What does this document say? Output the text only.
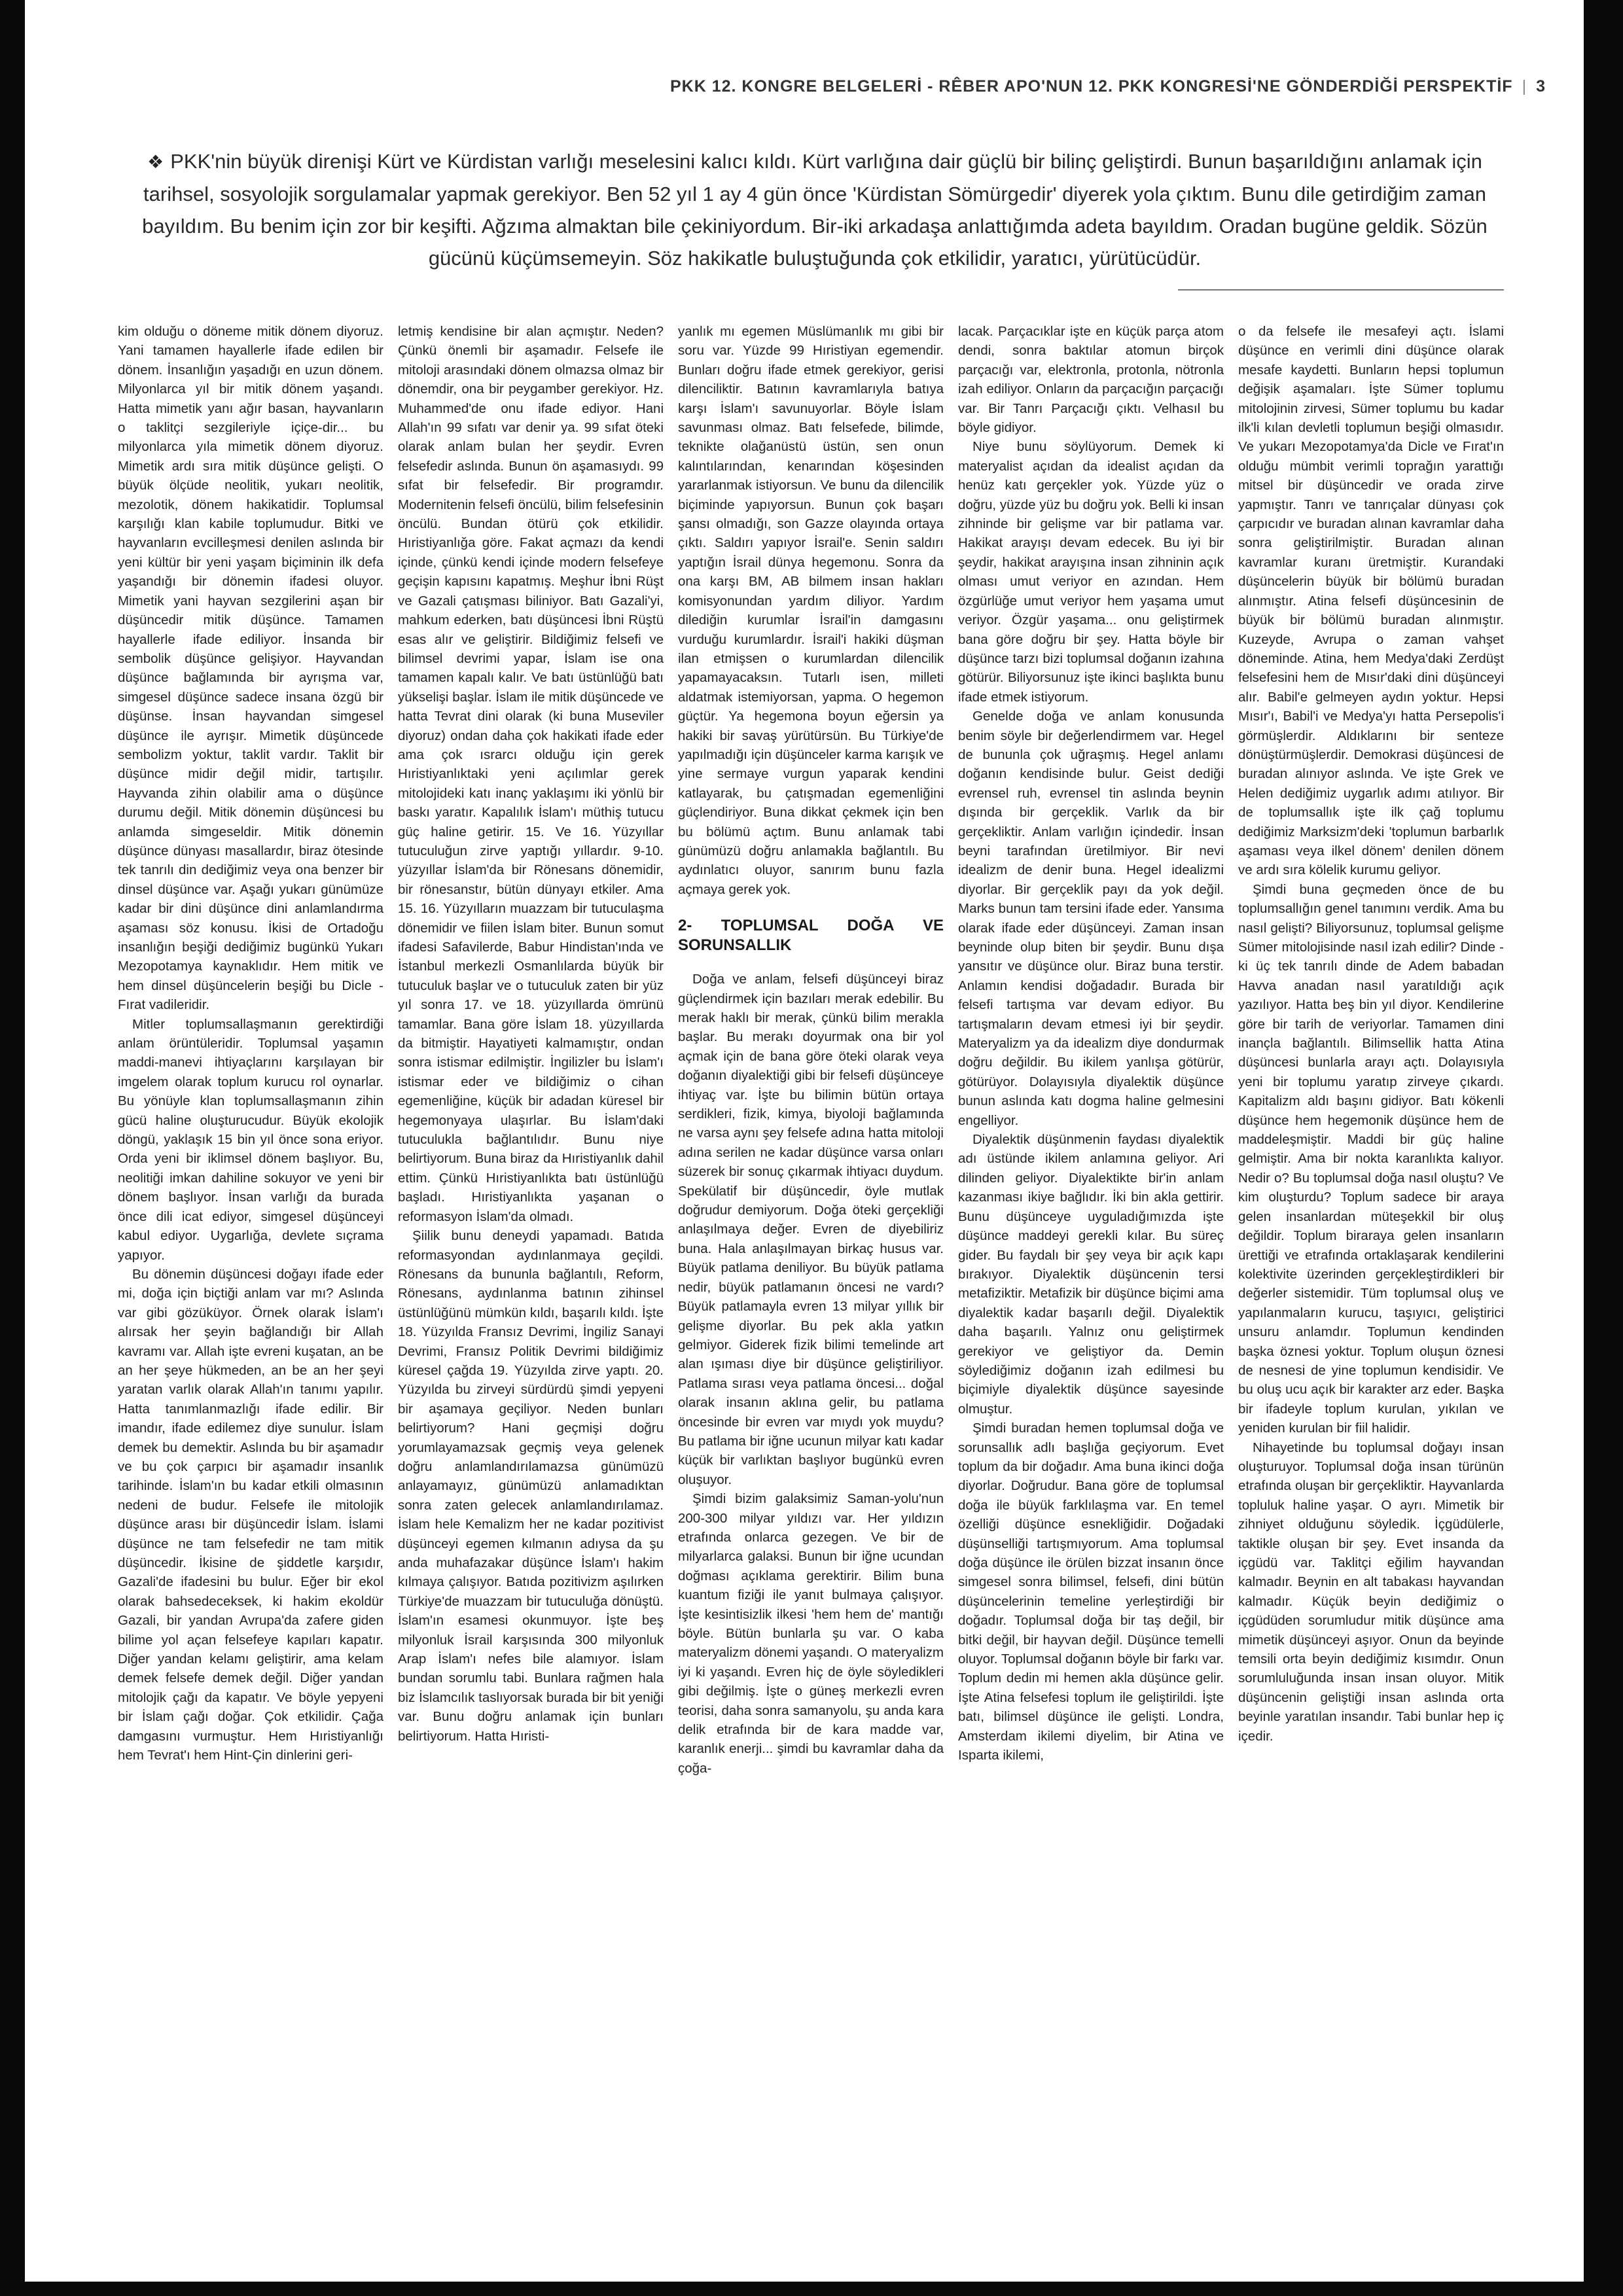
PKK 12. KONGRE BELGELERİ - RÊBER APO'NUN 12. PKK KONGRESİ'NE GÖNDERDİĞİ PERSPEKTİF | 3
❖ PKK'nin büyük direnişi Kürt ve Kürdistan varlığı meselesini kalıcı kıldı. Kürt varlığına dair güçlü bir bilinç geliştirdi. Bunun başarıldığını anlamak için tarihsel, sosyolojik sorgulamalar yapmak gerekiyor. Ben 52 yıl 1 ay 4 gün önce 'Kürdistan Sömürgedir' diyerek yola çıktım. Bunu dile getirdiğim zaman bayıldım. Bu benim için zor bir keşifti. Ağzıma almaktan bile çekiniyordum. Bir-iki arkadaşa anlattığımda adeta bayıldım. Oradan bugüne geldik. Sözün gücünü küçümsemeyin. Söz hakikatle buluştuğunda çok etkilidir, yaratıcı, yürütücüdür.

kim olduğu o döneme mitik dönem diyoruz. Yani tamamen hayallerle ifade edilen bir dönem. İnsanlığın yaşadığı en uzun dönem. Milyonlarca yıl bir mitik dönem yaşandı. Hatta mimetik yanı ağır basan, hayvanların o taklitçi sezgileriyle içiçe-dir... bu milyonlarca yıla mimetik dönem diyoruz. Mimetik ardı sıra mitik düşünce gelişti. O büyük ölçüde neolitik, yukarı neolitik, mezolotik, dönem hakikatidir. Toplumsal karşılığı klan kabile toplumudur. Bitki ve hayvanların evcilleşmesi denilen aslında bir yeni kültür bir yeni yaşam biçiminin ilk defa yaşandığı bir dönemin ifadesi oluyor. Mimetik yani hayvan sezgilerini aşan bir düşüncedir mitik düşünce. Tamamen hayallerle ifade ediliyor. İnsanda bir sembolik düşünce gelişiyor. Hayvandan düşünce bağlamında bir ayrışma var, simgesel düşünce sadece insana özgü bir düşünse. İnsan hayvandan simgesel düşünce ile ayrışır. Mimetik düşüncede sembolizm yoktur, taklit vardır. Taklit bir düşünce midir değil midir, tartışılır. Hayvanda zihin olabilir ama o düşünce durumu değil. Mitik dönemin düşüncesi bu anlamda simgeseldir. Mitik dönemin düşünce dünyası masallardır, biraz ötesinde tek tanrılı din dediğimiz veya ona benzer bir dinsel düşünce var. Aşağı yukarı günümüze kadar bir dini düşünce dini anlamlandırma aşaması söz konusu. İkisi de Ortadoğu insanlığın beşiği dediğimiz bugünkü Yukarı Mezopotamya kaynaklıdır. Hem mitik ve hem dinsel düşüncelerin beşiği bu Dicle -Fırat vadileridir.

Mitler toplumsallaşmanın gerektirdiği anlam örüntüleridir. Toplumsal yaşamın maddi-manevi ihtiyaçlarını karşılayan bir imgelem olarak toplum kurucu rol oynarlar. Bu yönüyle klan toplumsallaşmanın zihin gücü haline oluşturucudur. Büyük ekolojik döngü, yaklaşık 15 bin yıl önce sona eriyor. Orda yeni bir iklimsel dönem başlıyor. Bu, neolitiği imkan dahiline sokuyor ve yeni bir dönem başlıyor. İnsan varlığı da burada önce dili icat ediyor, simgesel düşünceyi kabul ediyor. Uygarlığa, devlete sıçrama yapıyor.

Bu dönemin düşüncesi doğayı ifade eder mi, doğa için biçtiği anlam var mı? Aslında var gibi gözüküyor. Örnek olarak İslam'ı alırsak her şeyin bağlandığı bir Allah kavramı var. Allah işte evreni kuşatan, an be an her şeye hükmeden, an be an her şeyi yaratan varlık olarak Allah'ın tanımı yapılır. Hatta tanımlanmazlığı ifade edilir. Bir imandır, ifade edilemez diye sunulur. İslam demek bu demektir. Aslında bu bir aşamadır ve bu çok çarpıcı bir aşamadır insanlık tarihinde. İslam'ın bu kadar etkili olmasının nedeni de budur. Felsefe ile mitolojik düşünce arası bir düşüncedir İslam. İslami düşünce ne tam felsefedir ne tam mitik düşüncedir. İkisine de şiddetle karşıdır, Gazali'de ifadesini bu bulur. Eğer bir ekol olarak bahsedeceksek, ki hakim ekoldür Gazali, bir yandan Avrupa'da zafere giden bilime yol açan felsefeye kapıları kapatır. Diğer yandan kelamı geliştirir, ama kelam demek felsefe demek değil. Diğer yandan mitolojik çağı da kapatır. Ve böyle yepyeni bir İslam çağı doğar. Çok etkilidir. Çağa damgasını vurmuştur. Hem Hıristiyanlığı hem Tevrat'ı hem Hint-Çin dinlerini geri-

letmiş kendisine bir alan açmıştır. Neden? Çünkü önemli bir aşamadır. Felsefe ile mitoloji arasındaki dönem olmazsa olmaz bir dönemdir, ona bir peygamber gerekiyor. Hz. Muhammed'de onu ifade ediyor. Hani Allah'ın 99 sıfatı var denir ya. 99 sıfat öteki olarak anlam bulan her şeydir. Evren felsefedir aslında. Bunun ön aşamasıydı. 99 sıfat bir felsefedir. Bir programdır. Modernitenin felsefi öncülü, bilim felsefesinin öncülü. Bundan ötürü çok etkilidir. Hıristiyanlığa göre. Fakat açmazı da kendi içinde, çünkü kendi içinde modern felsefeye geçişin kapısını kapatmış. Meşhur İbni Rüşt ve Gazali çatışması biliniyor. Batı Gazali'yi, mahkum ederken, batı düşüncesi İbni Rüştü esas alır ve geliştirir. Bildiğimiz felsefi ve bilimsel devrimi yapar, İslam ise ona tamamen kapalı kalır. Ve batı üstünlüğü batı yükselişi başlar. İslam ile mitik düşüncede ve hatta Tevrat dini olarak (ki buna Museviler diyoruz) ondan daha çok hakikati ifade eder ama çok ısrarcı olduğu için gerek Hıristiyanlıktaki yeni açılımlar gerek mitolojideki katı inanç yaklaşımı iki yönlü bir baskı yaratır. Kapalılık İslam'ı müthiş tutucu güç haline getirir. 15. Ve 16. Yüzyıllar tutuculuğun zirve yaptığı yıllardır. 9-10. yüzyıllar İslam'da bir Rönesans dönemidir, bir rönesanstır, bütün dünyayı etkiler. Ama 15. 16. Yüzyılların muazzam bir tutuculaşma dönemidir ve fiilen İslam biter. Bunun somut ifadesi Safavilerde, Babur Hindistan'ında ve İstanbul merkezli Osmanlılarda büyük bir tutuculuk başlar ve o tutuculuk zaten bir yüz yıl sonra 17. ve 18. yüzyıllarda ömrünü tamamlar. Bana göre İslam 18. yüzyıllarda da bitmiştir. Hayatiyeti kalmamıştır, ondan sonra istismar edilmiştir. İngilizler bu İslam'ı istismar eder ve bildiğimiz o cihan egemenliğine, küçük bir adadan küresel bir hegemonyaya ulaşırlar. Bu İslam'daki tutuculukla bağlantılıdır. Bunu niye belirtiyorum. Buna biraz da Hıristiyanlık dahil ettim. Çünkü Hıristiyanlıkta batı üstünlüğü başladı. Hıristiyanlıkta yaşanan o reformasyon İslam'da olmadı.

Şiilik bunu deneydi yapamadı. Batıda reformasyondan aydınlanmaya geçildi. Rönesans da bununla bağlantılı, Reform, Rönesans, aydınlanma batının zihinsel üstünlüğünü mümkün kıldı, başarılı kıldı. İşte 18. Yüzyılda Fransız Devrimi, İngiliz Sanayi Devrimi, Fransız Politik Devrimi bildiğimiz küresel çağda 19. Yüzyılda zirve yaptı. 20. Yüzyılda bu zirveyi sürdürdü şimdi yepyeni bir aşamaya geçiliyor. Neden bunları belirtiyorum? Hani geçmişi doğru yorumlayamazsak geçmiş veya gelenek doğru anlamlandırılamazsa günümüzü anlayamayız, günümüzü anlamadıktan sonra zaten gelecek anlamlandırılamaz. İslam hele Kemalizm her ne kadar pozitivist düşünceyi egemen kılmanın adıysa da şu anda muhafazakar düşünce İslam'ı hakim kılmaya çalışıyor. Batıda pozitivizm aşılırken Türkiye'de muazzam bir tutuculuğa dönüştü. İslam'ın esamesi okunmuyor. İşte beş milyonluk İsrail karşısında 300 milyonluk Arap İslam'ı nefes bile alamıyor. İslam bundan sorumlu tabi. Bunlara rağmen hala biz İslamcılık taslıyorsak burada bir bit yeniği var. Bunu doğru anlamak için bunları belirtiyorum. Hatta Hıristi-

yanlık mı egemen Müslümanlık mı gibi bir soru var. Yüzde 99 Hıristiyan egemendir. Bunları doğru ifade etmek gerekiyor, gerisi dilenciliktir. Batının kavramlarıyla batıya karşı İslam'ı savunuyorlar. Böyle İslam savunması olmaz. Batı felsefede, bilimde, teknikte olağanüstü üstün, sen onun kalıntılarından, kenarından köşesinden yararlanmak istiyorsun. Ve bunu da dilencilik biçiminde yapıyorsun. Bunun çok başarı şansı olmadığı, son Gazze olayında ortaya çıktı. Saldırı yapıyor İsrail'e. Senin saldırı yaptığın İsrail dünya hegemonu. Sonra da ona karşı BM, AB bilmem insan hakları komisyonundan yardım diliyor. Yardım dilediğin kurumlar İsrail'in damgasını vurduğu kurumlardır. İsrail'i hakiki düşman ilan etmişsen o kurumlardan dilencilik yapamayacaksın. Tutarlı isen, milleti aldatmak istemiyorsan, yapma. O hegemon güçtür. Ya hegemona boyun eğersin ya hakiki bir savaş yürütürsün. Bu Türkiye'de yapılmadığı için düşünceler karma karışık ve yine sermaye vurgun yaparak kendini katlayarak, bu çatışmadan egemenliğini güçlendiriyor. Buna dikkat çekmek için ben bu bölümü açtım. Bunu anlamak tabi günümüzü doğru anlamakla bağlantılı. Bu aydınlatıcı oluyor, sanırım bunu fazla açmaya gerek yok.

2- TOPLUMSAL DOĞA VE SORUNSALLIK

Doğa ve anlam, felsefi düşünceyi biraz güçlendirmek için bazıları merak edebilir. Bu merak haklı bir merak, çünkü bilim merakla başlar. Bu merakı doyurmak ona bir yol açmak için de bana göre öteki olarak veya doğanın diyalektiği gibi bir felsefi düşünceye ihtiyaç var. İşte bu bilimin bütün ortaya serdikleri, fizik, kimya, biyoloji bağlamında ne varsa aynı şey felsefe adına hatta mitoloji adına serilen ne kadar düşünce varsa onları süzerek bir sonuç çıkarmak ihtiyacı duydum. Spekülatif bir düşüncedir, öyle mutlak doğrudur demiyorum. Doğa öteki gerçekliği anlaşılmaya değer. Evren de diyebiliriz buna. Hala anlaşılmayan birkaç husus var. Büyük patlama deniliyor. Bu büyük patlama nedir, büyük patlamanın öncesi ne vardı? Büyük patlamayla evren 13 milyar yıllık bir gelişme diyorlar. Bu pek akla yatkın gelmiyor. Giderek fizik bilimi temelinde art alan ışıması diye bir düşünce geliştiriliyor. Patlama sırası veya patlama öncesi... doğal olarak insanın aklına gelir, bu patlama öncesinde bir evren var mıydı yok muydu? Bu patlama bir iğne ucunun milyar katı kadar küçük bir varlıktan başlıyor bugünkü evren oluşuyor.

Şimdi bizim galaksimiz Saman-yolu'nun 200-300 milyar yıldızı var. Her yıldızın etrafında onlarca gezegen. Ve bir de milyarlarca galaksi. Bunun bir iğne ucundan doğması açıklama gerektirir. Bilim buna kuantum fiziği ile yanıt bulmaya çalışıyor. İşte kesintisizlik ilkesi 'hem hem de' mantığı böyle. Bütün bunlarla şu var. O kaba materyalizm dönemi yaşandı. O materyalizm iyi ki yaşandı. Evren hiç de öyle söyledikleri gibi değilmiş. İşte o güneş merkezli evren teorisi, daha sonra samanyolu, şu anda kara delik etrafında bir de kara madde var, karanlık enerji... şimdi bu kavramlar daha da çoğa-

lacak. Parçacıklar işte en küçük parça atom dendi, sonra baktılar atomun birçok parçacığı var, elektronla, protonla, nötronla izah ediliyor. Onların da parçacığın parçacığı var. Bir Tanrı Parçacığı çıktı. Velhasıl bu böyle gidiyor.

Niye bunu söylüyorum. Demek ki materyalist açıdan da idealist açıdan da henüz katı gerçekler yok. Yüzde yüz o doğru, yüzde yüz bu doğru yok. Belli ki insan zihninde bir gelişme var bir patlama var. Hakikat arayışı devam edecek. Bu iyi bir şeydir, hakikat arayışına insan zihninin açık olması umut veriyor en azından. Hem özgürlüğe umut veriyor hem yaşama umut veriyor. Özgür yaşama... onu geliştirmek bana göre doğru bir şey. Hatta böyle bir düşünce tarzı bizi toplumsal doğanın izahına götürür. Biliyorsunuz işte ikinci başlıkta bunu ifade etmek istiyorum.

Genelde doğa ve anlam konusunda benim söyle bir değerlendirmem var. Hegel de bununla çok uğraşmış. Hegel anlamı doğanın kendisinde bulur. Geist dediği evrensel ruh, evrensel tin aslında beynin dışında bir gerçeklik. Varlık da bir gerçekliktir. Anlam varlığın içindedir. İnsan beyni tarafından üretilmiyor. Bir nevi idealizm de denir buna. Hegel idealizmi diyorlar. Bir gerçeklik payı da yok değil. Marks bunun tam tersini ifade eder. Yansıma olarak ifade eder düşünceyi. Zaman insan beyninde olup biten bir şeydir. Bunu dışa yansıtır ve düşünce olur. Biraz buna terstir. Anlamın kendisi doğadadır. Burada bir felsefi tartışma var devam ediyor. Bu tartışmaların devam etmesi iyi bir şeydir. Materyalizm ya da idealizm diye dondurmak doğru değildir. Bu ikilem yanlışa götürür, götürüyor. Dolayısıyla diyalektik düşünce bunun aslında katı dogma haline gelmesini engelliyor.

Diyalektik düşünmenin faydası diyalektik adı üstünde ikilem anlamına geliyor. Ari dilinden geliyor. Diyalektikte bir'in anlam kazanması ikiye bağlıdır. İki bin akla gettirir. Bunu düşünceye uyguladığımızda işte düşünce maddeyi gerekli kılar. Bu süreç gider. Bu faydalı bir şey veya bir açık kapı bırakıyor. Diyalektik düşüncenin tersi metafiziktir. Metafizik bir düşünce biçimi ama diyalektik kadar başarılı değil. Diyalektik daha başarılı. Yalnız onu geliştirmek gerekiyor ve geliştiyor da. Demin söylediğimiz doğanın izah edilmesi bu biçimiyle diyalektik düşünce sayesinde olmuştur.

Şimdi buradan hemen toplumsal doğa ve sorunsallık adlı başlığa geçiyorum. Evet toplum da bir doğadır. Ama buna ikinci doğa diyorlar. Doğrudur. Bana göre de toplumsal doğa ile büyük farklılaşma var. En temel özelliği düşünce esnekliğidir. Doğadaki düşünselliği tartışmıyorum. Ama toplumsal doğa düşünce ile örülen bizzat insanın önce simgesel sonra bilimsel, felsefi, dini bütün düşüncelerinin temeline yerleştirdiği bir doğadır. Toplumsal doğa bir taş değil, bir bitki değil, bir hayvan değil. Düşünce temelli oluyor. Toplumsal doğanın böyle bir farkı var. Toplum dedin mi hemen akla düşünce gelir. İşte Atina felsefesi toplum ile geliştirildi. İşte batı, bilimsel düşünce ile gelişti. Londra, Amsterdam ikilemi diyelim, bir Atina ve Isparta ikilemi,

o da felsefe ile mesafeyi açtı. İslami düşünce en verimli dini düşünce olarak mesafe kaydetti. Bunların hepsi toplumun değişik aşamaları. İşte Sümer toplumu mitolojinin zirvesi, Sümer toplumu bu kadar ilk'li kılan devletli toplumun beşiği olmasıdır. Ve yukarı Mezopotamya'da Dicle ve Fırat'ın olduğu mümbit verimli toprağın yarattığı mitsel bir düşüncedir ve orada zirve yapmıştır. Tanrı ve tanrıçalar dünyası çok çarpıcıdır ve buradan alınan kavramlar daha sonra geliştirilmiştir. Buradan alınan kavramlar kuranı üretmiştir. Kurandaki düşüncelerin büyük bir bölümü buradan alınmıştır. Atina felsefi düşüncesinin de büyük bir bölümü buradan alınmıştır. Kuzeyde, Avrupa o zaman vahşet döneminde. Atina, hem Medya'daki Zerdüşt felsefesini hem de Mısır'daki dini düşünceyi alır. Babil'e gelmeyen aydın yoktur. Hepsi Mısır'ı, Babil'i ve Medya'yı hatta Persepolis'i görmüşlerdir. Aldıklarını bir senteze dönüştürmüşlerdir. Demokrasi düşüncesi de buradan alınıyor aslında. Ve işte Grek ve Helen dediğimiz uygarlık adımı atılıyor. Bir de toplumsallık işte ilk çağ toplumu dediğimiz Marksizm'deki 'toplumun barbarlık aşaması veya ilkel dönem' denilen dönem ve ardı sıra kölelik kurumu geliyor.

Şimdi buna geçmeden önce de bu toplumsallığın genel tanımını verdik. Ama bu nasıl gelişti? Biliyorsunuz, toplumsal gelişme Sümer mitolojisinde nasıl izah edilir? Dinde -ki üç tek tanrılı dinde de Adem babadan Havva anadan nasıl yaratıldığı açık yazılıyor. Hatta beş bin yıl diyor. Kendilerine göre bir tarih de veriyorlar. Tamamen dini inançla bağlantılı. Bilimsellik hatta Atina düşüncesi bunlarla arayı açtı. Dolayısıyla yeni bir toplumu yaratıp zirveye çıkardı. Kapitalizm aldı başını gidiyor. Batı kökenli düşünce hem hegemonik düşünce hem de maddeleşmiştir. Maddi bir güç haline gelmiştir. Ama bir nokta karanlıkta kalıyor. Nedir o? Bu toplumsal doğa nasıl oluştu? Ve kim oluşturdu? Toplum sadece bir araya gelen insanlardan müteşekkil bir oluş değildir. Toplum biraraya gelen insanların ürettiği ve etrafında ortaklaşarak kendilerini kolektivite üzerinden gerçekleştirdikleri bir değerler sistemidir. Tüm toplumsal oluş ve yapılanmaların kurucu, taşıyıcı, geliştirici unsuru anlamdır. Toplumun kendinden başka öznesi yoktur. Toplum oluşun öznesi de nesnesi de yine toplumun kendisidir. Ve bu oluş ucu açık bir karakter arz eder. Başka bir ifadeyle toplum kurulan, yıkılan ve yeniden kurulan bir fiil halidir.

Nihayetinde bu toplumsal doğayı insan oluşturuyor. Toplumsal doğa insan türünün etrafında oluşan bir gerçekliktir. Hayvanlarda topluluk haline yaşar. O ayrı. Mimetik bir zihniyet olduğunu söyledik. İçgüdülerle, taktikle oluşan bir şey. Evet insanda da içgüdü var. Taklitçi eğilim hayvandan kalmadır. Beynin en alt tabakası hayvandan kalmadır. Küçük beyin dediğimiz o içgüdüden sorumludur mitik düşünce ama mimetik düşünceyi aşıyor. Onun da beyinde temsili orta beyin dediğimiz kısımdır. Onun sorumluluğunda insan insan oluyor. Mitik düşüncenin geliştiği insan aslında orta beyinle yaratılan insandır. Tabi bunlar hep iç içedir.
